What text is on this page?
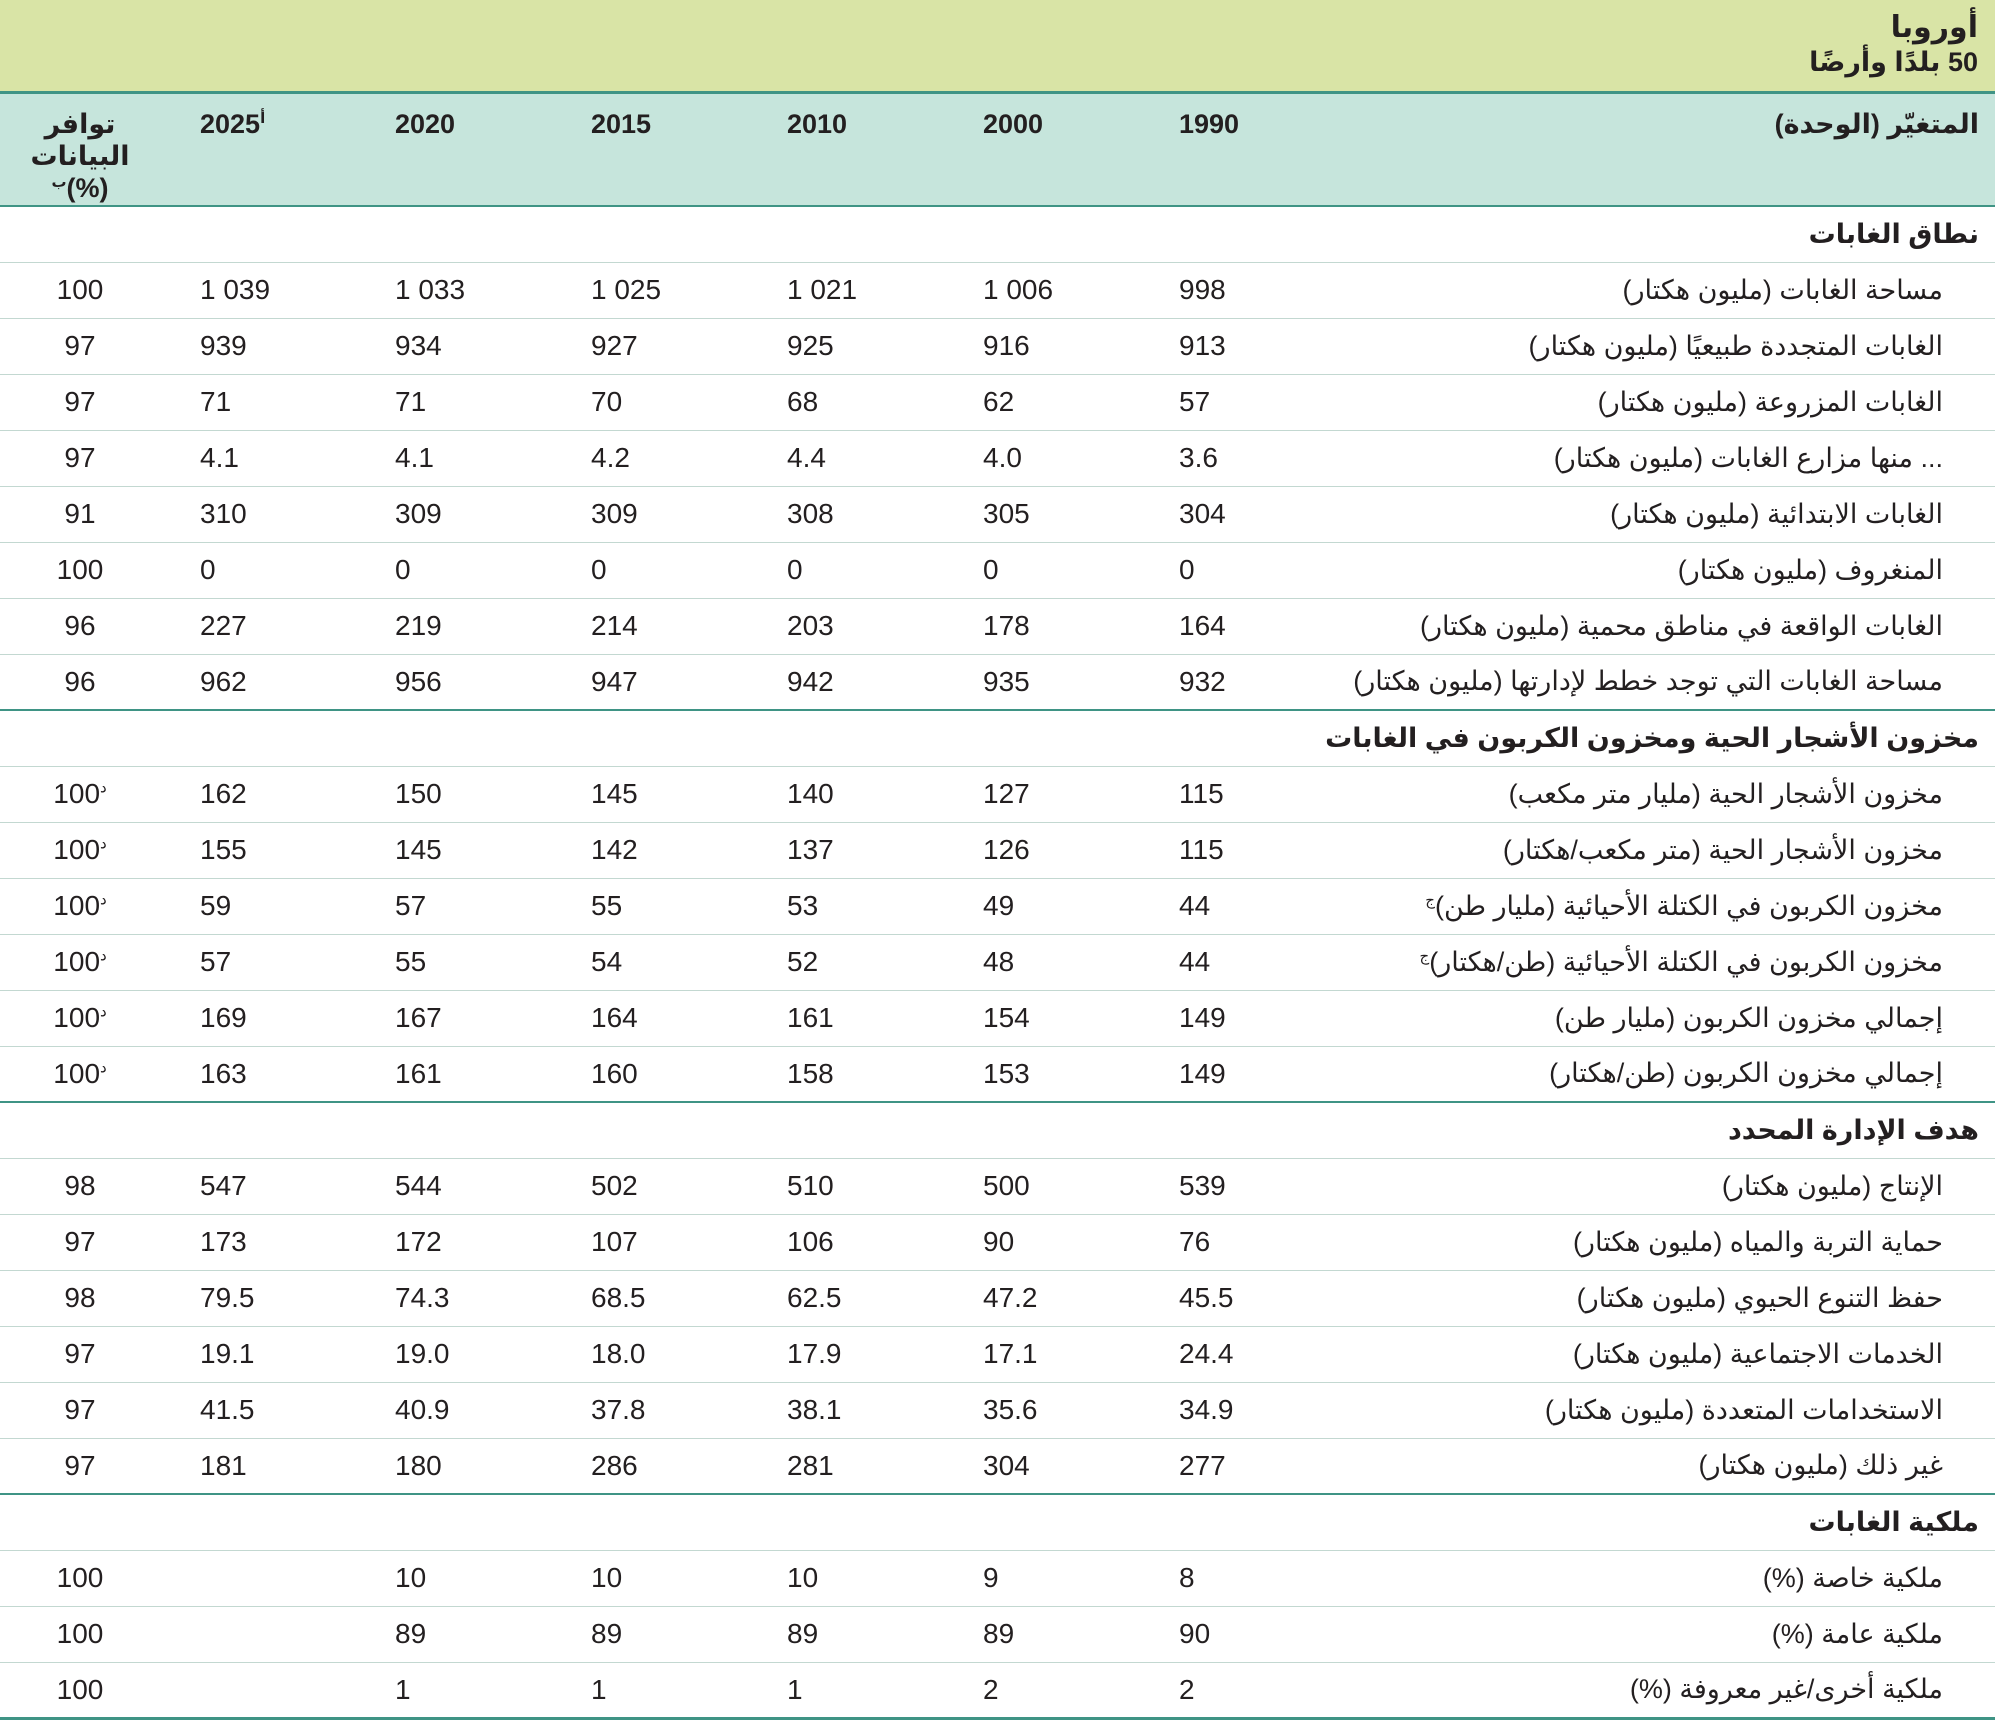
أوروبا
50 بلدًا وأرضًا
المتغيّر (الوحدة)	1990	2000	2010	2015	2020	$2025^أ$	توافر البيانات
$^ب$(%)
نطاق الغابات							
مساحة الغابات (مليون هكتار)	998	1 006	1 021	1 025	1 033	1 039	100
الغابات المتجددة طبيعيًا (مليون هكتار)	913	916	925	927	934	939	97
الغابات المزروعة (مليون هكتار)	57	62	68	70	71	71	97
... منها مزارع الغابات (مليون هكتار)	3.6	4.0	4.4	4.2	4.1	4.1	97
الغابات الابتدائية (مليون هكتار)	304	305	308	309	309	310	91
المنغروف (مليون هكتار)	0	0	0	0	0	0	100
الغابات الواقعة في مناطق محمية (مليون هكتار)	164	178	203	214	219	227	96
مساحة الغابات التي توجد خطط لإدارتها (مليون هكتار)	932	935	942	947	956	962	96
مخزون الأشجار الحية ومخزون الكربون في الغابات							
مخزون الأشجار الحية (مليار متر مكعب)	115	127	140	145	150	162	$^د$100
مخزون الأشجار الحية (متر مكعب/هكتار)	115	126	137	142	145	155	$^د$100
مخزون الكربون في الكتلة الأحيائية (مليار طن)$^ج$	44	49	53	55	57	59	$^د$100
مخزون الكربون في الكتلة الأحيائية (طن/هكتار)$^ج$	44	48	52	54	55	57	$^د$100
إجمالي مخزون الكربون (مليار طن)	149	154	161	164	167	169	$^د$100
إجمالي مخزون الكربون (طن/هكتار)	149	153	158	160	161	163	$^د$100
هدف الإدارة المحدد							
الإنتاج (مليون هكتار)	539	500	510	502	544	547	98
حماية التربة والمياه (مليون هكتار)	76	90	106	107	172	173	97
حفظ التنوع الحيوي (مليون هكتار)	45.5	47.2	62.5	68.5	74.3	79.5	98
الخدمات الاجتماعية (مليون هكتار)	24.4	17.1	17.9	18.0	19.0	19.1	97
الاستخدامات المتعددة (مليون هكتار)	34.9	35.6	38.1	37.8	40.9	41.5	97
غير ذلك (مليون هكتار)	277	304	281	286	180	181	97
ملكية الغابات							
ملكية خاصة (%)	8	9	10	10	10		100
ملكية عامة (%)	90	89	89	89	89		100
ملكية أخرى/غير معروفة (%)	2	2	1	1	1		100
